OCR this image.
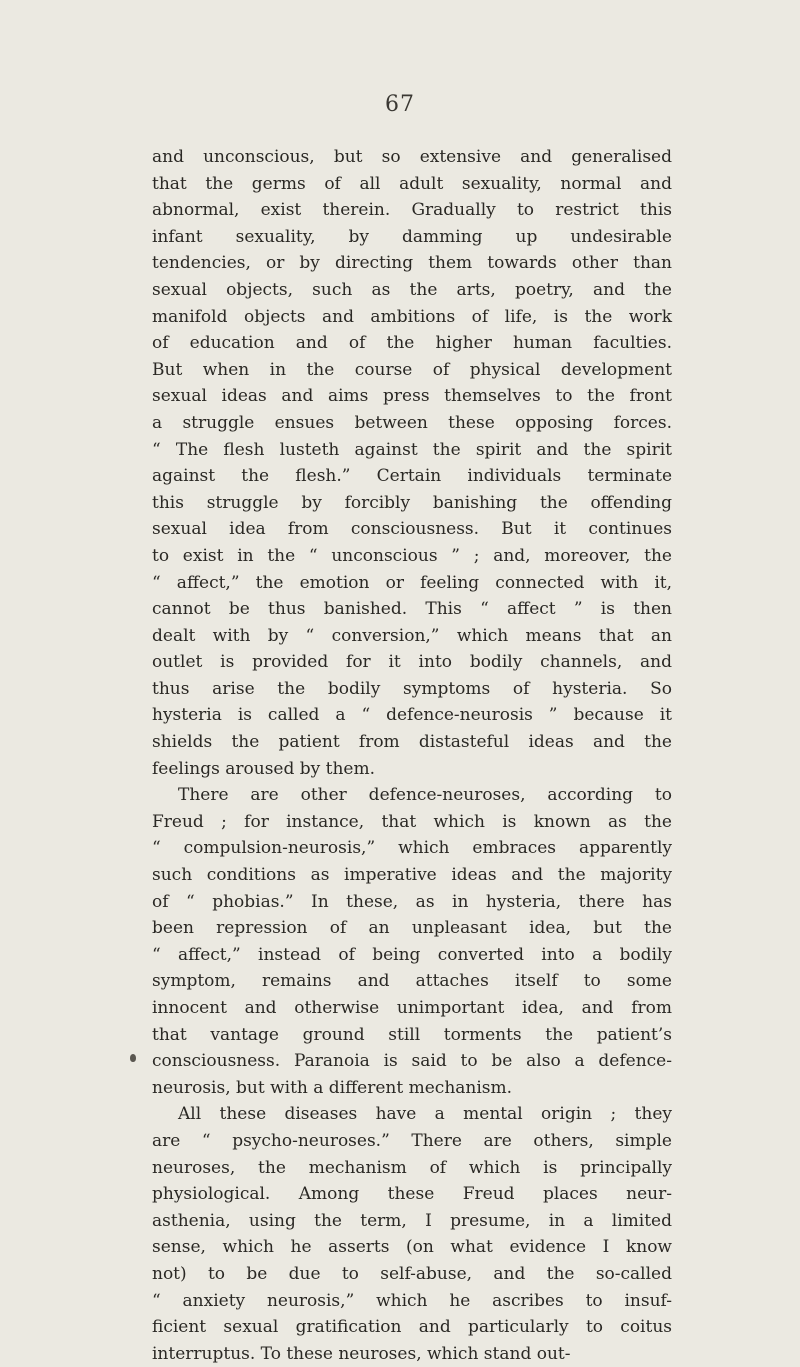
67
and unconscious, but so extensive and generalised
that the germs of all adult sexuality, normal and
abnormal, exist therein. Gradually to restrict this
infant sexuality, by damming up undesirable
tendencies, or by directing them towards other than
sexual objects, such as the arts, poetry, and the
manifold objects and ambitions of life, is the work
of education and of the higher human faculties.
But when in the course of physical development
sexual ideas and aims press themselves to the front
a struggle ensues between these opposing forces.
“ The flesh lusteth against the spirit and the spirit
against the flesh.” Certain individuals terminate
this struggle by forcibly banishing the offending
sexual idea from consciousness. But it continues
to exist in the “ unconscious ” ; and, moreover, the
“ affect,” the emotion or feeling connected with it,
cannot be thus banished. This “ affect ” is then
dealt with by “ conversion,” which means that an
outlet is provided for it into bodily channels, and
thus arise the bodily symptoms of hysteria. So
hysteria is called a “ defence-neurosis ” because it
shields the patient from distasteful ideas and the
feelings aroused by them.
There are other defence-neuroses, according to
Freud ; for instance, that which is known as the
“ compulsion-neurosis,” which embraces apparently
such conditions as imperative ideas and the majority
of “ phobias.” In these, as in hysteria, there has
been repression of an unpleasant idea, but the
“ affect,” instead of being converted into a bodily
symptom, remains and attaches itself to some
innocent and otherwise unimportant idea, and from
that vantage ground still torments the patient’s
consciousness. Paranoia is said to be also a defence-
neurosis, but with a different mechanism.
All these diseases have a mental origin ; they
are “ psycho-neuroses.” There are others, simple
neuroses, the mechanism of which is principally
physiological. Among these Freud places neur-
asthenia, using the term, I presume, in a limited
sense, which he asserts (on what evidence I know
not) to be due to self-abuse, and the so-called
“ anxiety neurosis,” which he ascribes to insuf-
ficient sexual gratification and particularly to coitus
interruptus. To these neuroses, which stand out-
